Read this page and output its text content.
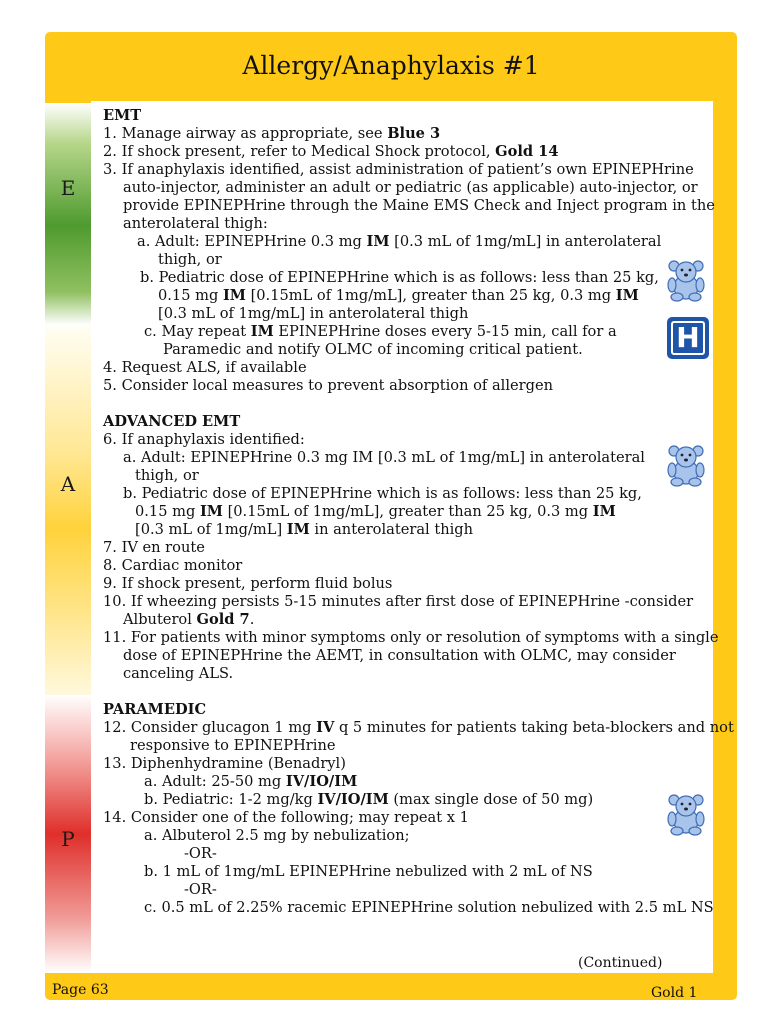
Allergy/Anaphylaxis #1
E
A
P
EMT
1. Manage airway as appropriate, see Blue 3
2. If shock present, refer to Medical Shock protocol, Gold 14
3. If anaphylaxis identified, assist administration of patient’s own EPINEPHrine
auto-injector, administer an adult or pediatric (as applicable) auto-injector, or
provide EPINEPHrine through the Maine EMS Check and Inject program in the
anterolateral thigh:
a. Adult: EPINEPHrine 0.3 mg IM [0.3 mL of 1mg/mL] in anterolateral
thigh, or
b. Pediatric dose of EPINEPHrine which is as follows: less than 25 kg,
0.15 mg IM [0.15mL of 1mg/mL], greater than 25 kg, 0.3 mg IM
[0.3 mL of 1mg/mL] in anterolateral thigh
c. May repeat IM EPINEPHrine doses every 5-15 min, call for a
Paramedic and notify OLMC of incoming critical patient.
4. Request ALS, if available
5. Consider local measures to prevent absorption of allergen
ADVANCED EMT
6. If anaphylaxis identified:
a. Adult: EPINEPHrine 0.3 mg IM [0.3 mL of 1mg/mL] in anterolateral
thigh, or
b. Pediatric dose of EPINEPHrine which is as follows: less than 25 kg,
0.15 mg IM [0.15mL of 1mg/mL], greater than 25 kg, 0.3 mg IM
[0.3 mL of 1mg/mL] IM in anterolateral thigh
7. IV en route
8. Cardiac monitor
9. If shock present, perform fluid bolus
10. If wheezing persists 5-15 minutes after first dose of EPINEPHrine -consider
Albuterol Gold 7.
11. For patients with minor symptoms only or resolution of symptoms with a single
dose of EPINEPHrine the AEMT, in consultation with OLMC, may consider
canceling ALS.
PARAMEDIC
12. Consider glucagon 1 mg IV q 5 minutes for patients taking beta-blockers and not
responsive to EPINEPHrine
13. Diphenhydramine (Benadryl)
a. Adult: 25-50 mg IV/IO/IM
b. Pediatric: 1-2 mg/kg IV/IO/IM (max single dose of 50 mg)
14. Consider one of the following; may repeat x 1
a. Albuterol 2.5 mg by nebulization;
-OR-
b. 1 mL of 1mg/mL EPINEPHrine nebulized with 2 mL of NS
-OR-
c. 0.5 mL of 2.25% racemic EPINEPHrine solution nebulized with 2.5 mL NS
H
(Continued)
Page 63	Gold 1
